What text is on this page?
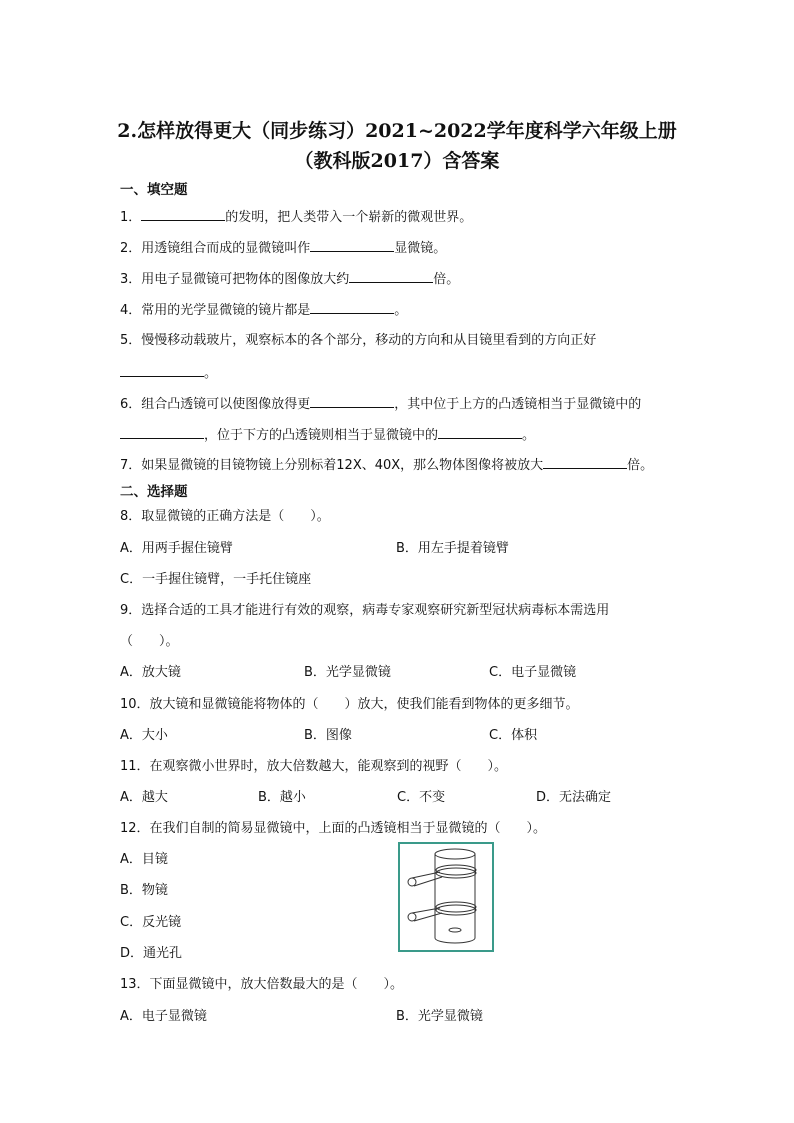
2.怎样放得更大（同步练习）2021~2022学年度科学六年级上册
（教科版2017）含答案
一、填空题
1．	的发明，把人类带入一个崭新的微观世界。
2．用透镜组合而成的显微镜叫作	显微镜。
3．用电子显微镜可把物体的图像放大约	倍。
4．常用的光学显微镜的镜片都是	。
5．慢慢移动载玻片，观察标本的各个部分，移动的方向和从目镜里看到的方向正好
。
6．组合凸透镜可以使图像放得更	，其中位于上方的凸透镜相当于显微镜中的
，位于下方的凸透镜则相当于显微镜中的	。
7．如果显微镜的目镜物镜上分别标着12X、40X，那么物体图像将被放大	倍。
二、选择题
8．取显微镜的正确方法是（　　）。
A．用两手握住镜臂	B．用左手提着镜臂
C．一手握住镜臂，一手托住镜座
9．选择合适的工具才能进行有效的观察，病毒专家观察研究新型冠状病毒标本需选用
（　　）。
A．放大镜	B．光学显微镜	C．电子显微镜
10．放大镜和显微镜能将物体的（　　）放大，使我们能看到物体的更多细节。
A．大小	B．图像	C．体积
11．在观察微小世界时，放大倍数越大，能观察到的视野（　　）。
A．越大	B．越小	C．不变	D．无法确定
12．在我们自制的简易显微镜中，上面的凸透镜相当于显微镜的（　　）。
A．目镜
B．物镜
C．反光镜
D．通光孔
13．下面显微镜中，放大倍数最大的是（　　）。
A．电子显微镜	B．光学显微镜
